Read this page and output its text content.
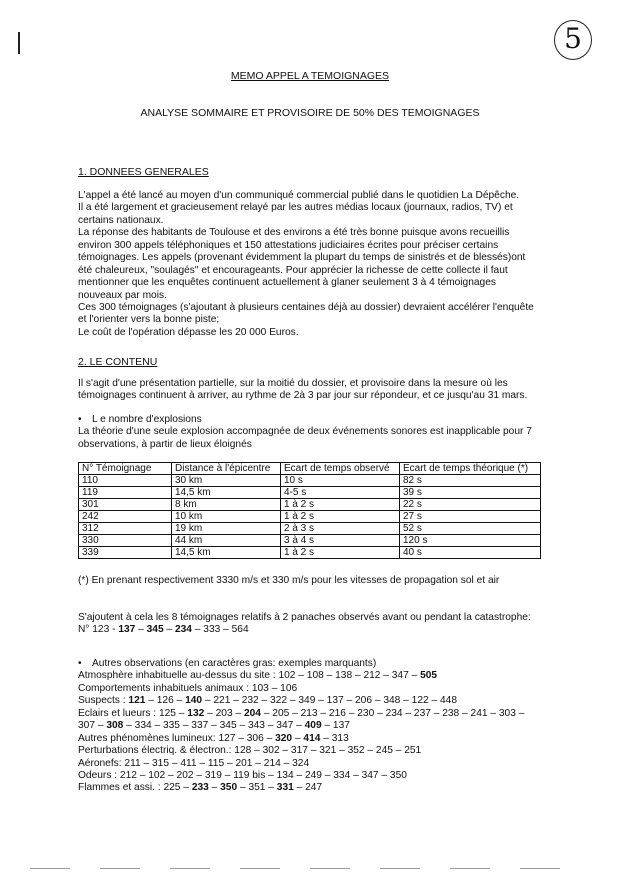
5
MEMO APPEL A TEMOIGNAGES
ANALYSE SOMMAIRE ET PROVISOIRE DE 50% DES TEMOIGNAGES
1. DONNEES GENERALES

L'appel a été lancé au moyen d'un communiqué commercial publié dans le quotidien La Dépêche.

Il a été largement et gracieusement relayé par les autres médias locaux (journaux, radios, TV) et certains nationaux.

La réponse des habitants de Toulouse et des environs a été très bonne puisque avons recueillis environ 300 appels téléphoniques et 150 attestations judiciaires écrites pour préciser certains témoignages. Les appels (provenant évidemment la plupart du temps de sinistrés et de blessés)ont été chaleureux, "soulagés" et encourageants. Pour apprécier la richesse de cette collecte il faut mentionner que les enquêtes continuent actuellement à glaner seulement 3 à 4 témoignages nouveaux par mois.

Ces 300 témoignages (s'ajoutant à plusieurs centaines déjà au dossier) devraient accélérer l'enquête et l'orienter vers la bonne piste;

Le coût de l'opération dépasse les 20 000 Euros.

2. LE CONTENU

Il s'agit d'une présentation partielle, sur la moitié du dossier, et provisoire dans la mesure où les témoignages continuent à arriver, au rythme de 2à 3 par jour sur répondeur, et ce jusqu'au 31 mars.

•	L e nombre d'explosions

La théorie d'une seule explosion accompagnée de deux événements sonores est inapplicable pour 7 observations, à partir de lieux éloignés

N° Témoignage	Distance à l'épicentre	Ecart de temps observé	Ecart de temps théorique (*)
110	30 km	10 s	82 s
119	14,5 km	4-5 s	39 s
301	8 km	1 à 2 s	22 s
242	10 km	1 à 2 s	27 s
312	19 km	2 à 3 s	52 s
330	44 km	3 à 4 s	120 s
339	14,5 km	1 à 2 s	40 s
(*) En prenant respectivement 3330 m/s et 330 m/s pour les vitesses de propagation sol et air

S'ajoutent à cela les 8 témoignages relatifs à 2 panaches observés avant ou pendant la catastrophe:

N° 123 - 137 – 345 – 234 – 333 – 564

•	Autres observations (en caractères gras: exemples marquants)
Atmosphère inhabituelle au-dessus du site : 102 – 108 – 138 – 212 – 347 – 505
Comportements inhabituels animaux : 103 – 106
Suspects : 121 – 126 – 140 – 221 – 232 – 322 – 349 – 137 – 206 – 348 – 122 – 448
Eclairs et lueurs : 125 – 132 – 203 – 204 – 205 – 213 – 216 – 230 – 234 – 237 – 238 – 241 – 303 –
307 – 308 – 334 – 335 – 337 – 345 – 343 – 347 – 409 – 137
Autres phénomènes lumineux: 127 – 306 – 320 – 414 – 313
Perturbations électriq. & électron.: 128 – 302 – 317 – 321 – 352 – 245 – 251
Aéronefs: 211 – 315 – 411 – 115 – 201 – 214 – 324
Odeurs : 212 – 102 – 202 – 319 – 119 bis – 134 – 249 – 334 – 347 – 350
Flammes et assi. : 225 – 233 – 350 – 351 – 331 – 247
